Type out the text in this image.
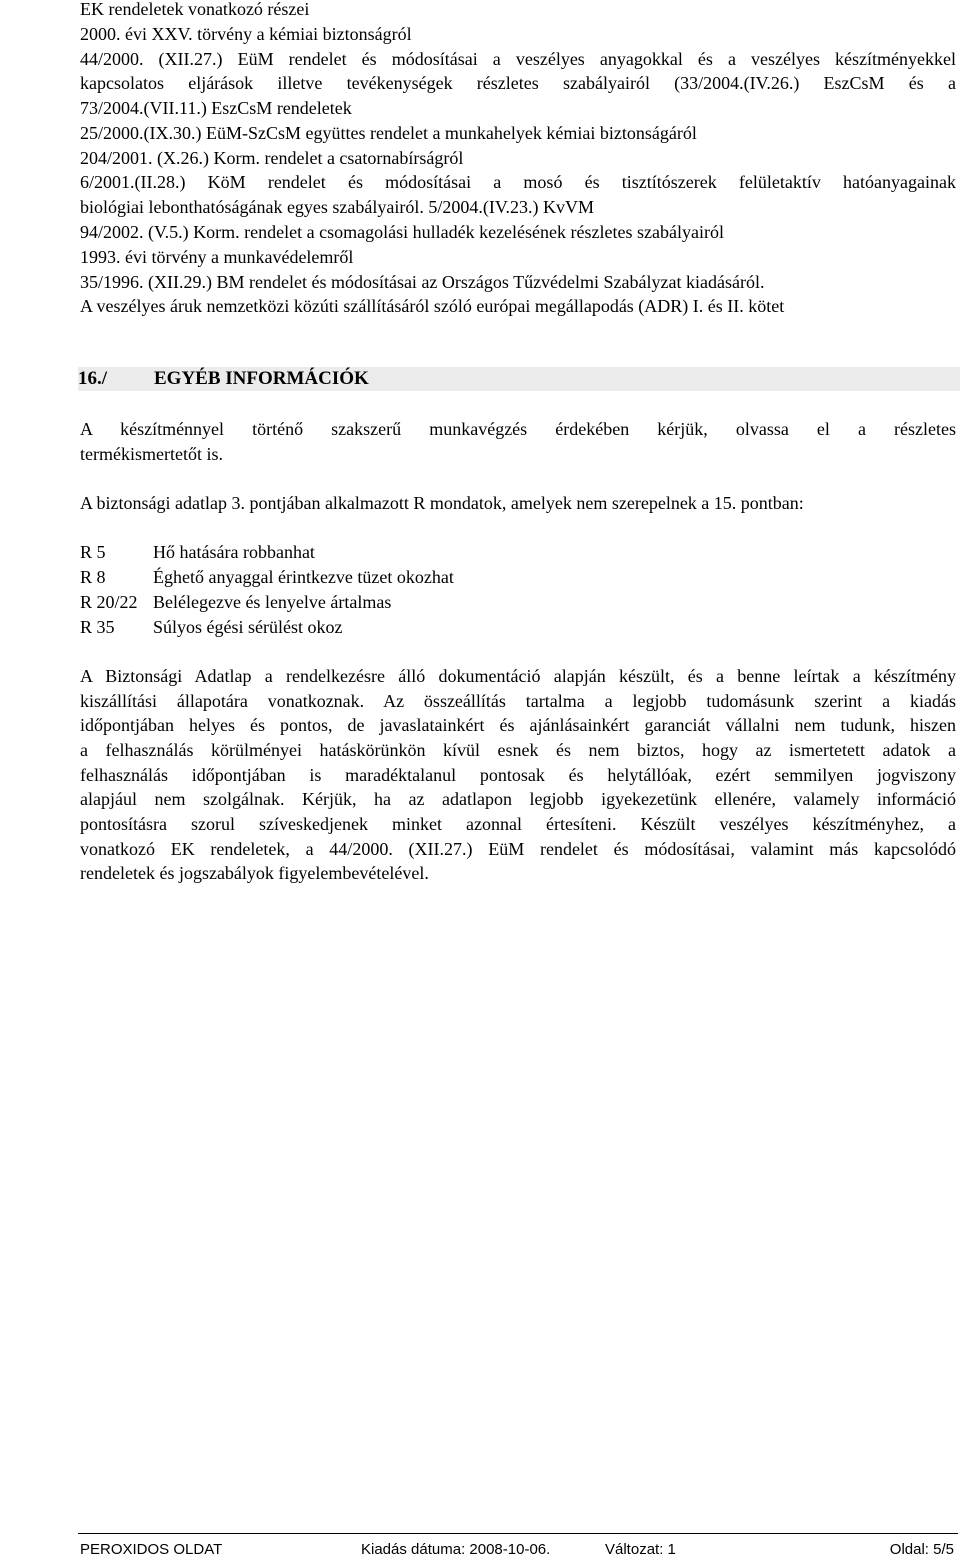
EK rendeletek vonatkozó részei
2000. évi XXV. törvény a kémiai biztonságról
44/2000. (XII.27.) EüM rendelet és módosításai a veszélyes anyagokkal és a veszélyes készítményekkel
kapcsolatos eljárások illetve tevékenységek részletes szabályairól (33/2004.(IV.26.) EszCsM és a
73/2004.(VII.11.) EszCsM rendeletek
25/2000.(IX.30.) EüM-SzCsM együttes rendelet a munkahelyek kémiai biztonságáról
204/2001. (X.26.) Korm. rendelet a csatornabírságról
6/2001.(II.28.) KöM rendelet és módosításai a mosó és tisztítószerek felületaktív hatóanyagainak
biológiai lebonthatóságának egyes szabályairól. 5/2004.(IV.23.) KvVM
94/2002. (V.5.) Korm. rendelet a csomagolási hulladék kezelésének részletes szabályairól
1993. évi törvény a munkavédelemről
35/1996. (XII.29.) BM rendelet és módosításai az Országos Tűzvédelmi Szabályzat kiadásáról.
A veszélyes áruk nemzetközi közúti szállításáról szóló európai megállapodás (ADR) I. és II. kötet
16./ EGYÉB INFORMÁCIÓK
A készítménnyel történő szakszerű munkavégzés érdekében kérjük, olvassa el a részletes
termékismertetőt is.
A biztonsági adatlap 3. pontjában alkalmazott R mondatok, amelyek nem szerepelnek a 15. pontban:
R 5	Hő hatására robbanhat
R 8	Éghető anyaggal érintkezve tüzet okozhat
R 20/22 Belélegezve és lenyelve ártalmas
R 35 Súlyos égési sérülést okoz
A Biztonsági Adatlap a rendelkezésre álló dokumentáció alapján készült, és a benne leírtak a készítmény
kiszállítási állapotára vonatkoznak. Az összeállítás tartalma a legjobb tudomásunk szerint a kiadás
időpontjában helyes és pontos, de javaslatainkért és ajánlásainkért garanciát vállalni nem tudunk, hiszen
a felhasználás körülményei hatáskörünkön kívül esnek és nem biztos, hogy az ismertetett adatok a
felhasználás időpontjában is maradéktalanul pontosak és helytállóak, ezért semmilyen jogviszony
alapjául nem szolgálnak. Kérjük, ha az adatlapon legjobb igyekezetünk ellenére, valamely információ
pontosításra szorul szíveskedjenek minket azonnal értesíteni. Készült veszélyes készítményhez, a
vonatkozó EK rendeletek, a 44/2000. (XII.27.) EüM rendelet és módosításai, valamint más kapcsolódó
rendeletek és jogszabályok figyelembevételével.
PEROXIDOS OLDAT	Kiadás dátuma: 2008-10-06.	Változat: 1	Oldal: 5/5
